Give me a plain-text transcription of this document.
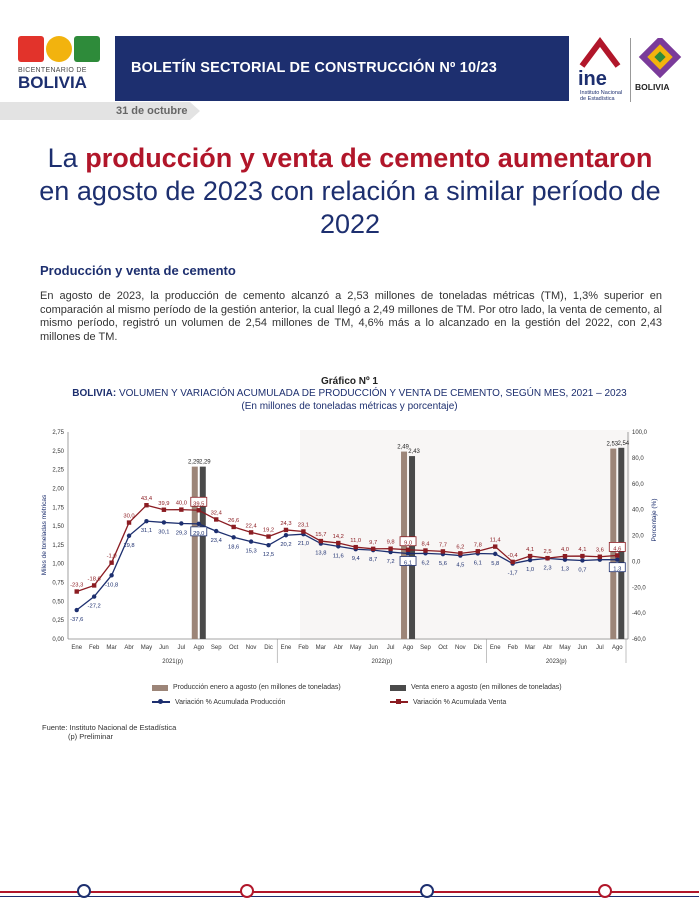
BICENTENARIO DE
BOLIVIA
BOLETÍN SECTORIAL DE CONSTRUCCIÓN Nº 10/23	ine
Instituto Nacional de Estadística
BOLIVIA
31 de octubre
La producción y venta de cemento aumentaron en agosto de 2023 con relación a similar período de 2022
Producción y venta de cemento
En agosto de 2023, la producción de cemento alcanzó a 2,53 millones de toneladas métricas (TM), 1,3% superior en comparación al mismo período de la gestión anterior, la cual llegó a 2,49 millones de TM. Por otro lado, la venta de cemento, al mismo período, registró un volumen de 2,54 millones de TM, 4,6% más a lo alcanzado en la gestión del 2022, con 2,43 millones de TM.
Gráfico Nº 1
BOLIVIA: VOLUMEN Y VARIACIÓN ACUMULADA DE PRODUCCIÓN Y VENTA DE CEMENTO, SEGÚN MES, 2021 – 2023
(En millones de toneladas métricas y porcentaje)
0,00
0,25
0,50
0,75
1,00
1,25
1,50
1,75
2,00
2,25
2,50
2,75
-60,0
-40,0
-20,0
0,0
20,0
40,0
60,0
80,0
100,0
Miles de toneladas métricas	Porcentaje (%)
2,29 2,29
2,49
2,43
2,53 2,54
-37,6
-27,2
-10,8
19,8
31,1 30,1 29,3 29,0
23,4
18,6
15,3
12,5
20,2 21,0
13,8 11,6 9,4 8,7 7,2 6,1 6,2 5,6 4,5 6,1 5,8
-1,7
1,0 2,3 1,3 0,7	1,3
-23,3
-18,6
-1,0
30,0
43,4
39,9 40,0 39,5
32,4
26,6
22,4
19,2
24,3 23,1
15,7 14,2
11,0 9,7 9,8 9,0 8,4 7,7 6,2 7,8
11,4
-0,4
4,1 2,5 4,0 4,1 3,6 4,6
Ene Feb Mar Abr May Jun Jul Ago Sep Oct Nov Dic Ene Feb Mar Abr May Jun Jul Ago Sep Oct Nov Dic Ene Feb Mar Abr May Jun Jul Ago
2021(p)	2022(p)	2023(p)
Producción enero a agosto (en millones de toneladas)	Venta enero a agosto (en millones de toneladas)
Variación % Acumulada Producción	Variación % Acumulada Venta
Fuente: Instituto Nacional de Estadística
(p) Preliminar
